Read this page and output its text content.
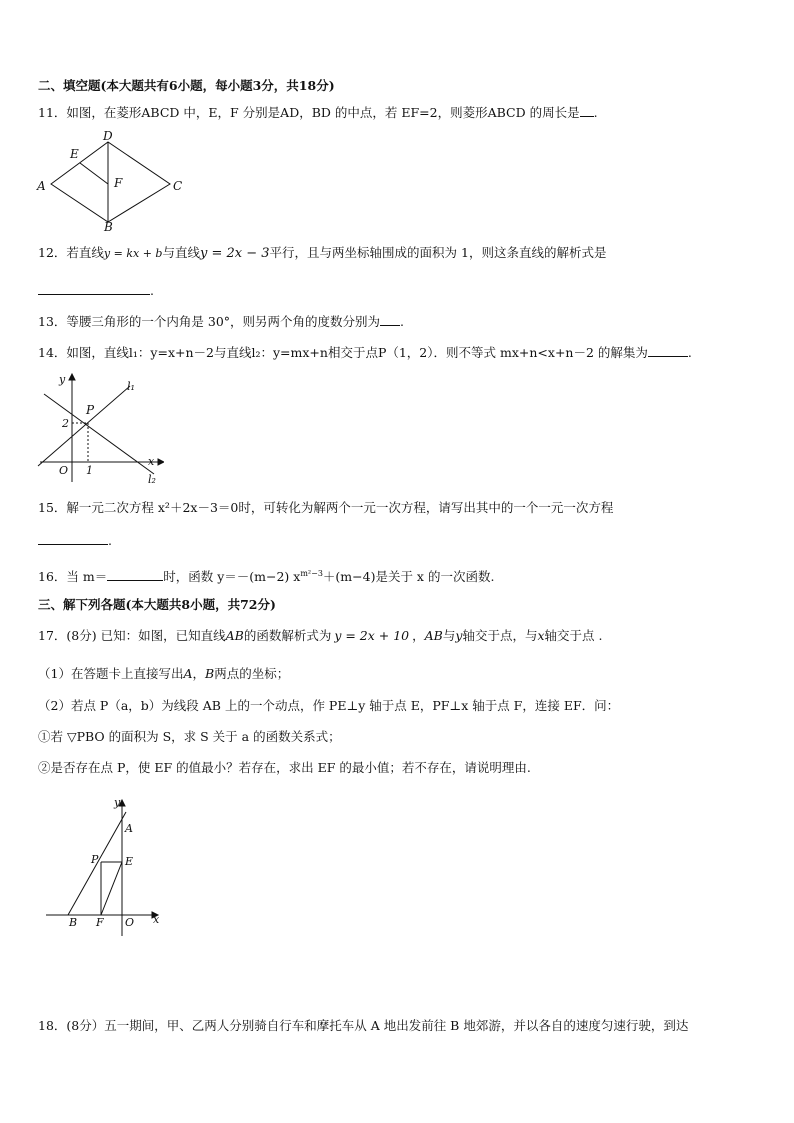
二、填空题(本大题共有6小题，每小题3分，共18分)
11．如图，在菱形ABCD 中，E，F 分别是AD，BD 的中点，若 EF=2，则菱形ABCD 的周长是 .
A
D
E
F	C
B
12．若直线y = kx + b与直线y = 2x − 3平行，且与两坐标轴围成的面积为 1，则这条直线的解析式是
.
13．等腰三角形的一个内角是 30°，则另两个角的度数分别为 .
14．如图，直线l₁：y=x+n－2与直线l₂：y=mx+n相交于点P（1，2）．则不等式 mx+n<x+n－2 的解集为	.
y
l₁
P
2
O 1
x
l₂
15．解一元二次方程 x²＋2x－3＝0时，可转化为解两个一元一次方程，请写出其中的一个一元一次方程
.
16．当 m＝	时，函数 y＝－(m−2) $x^{m^2-3}+(m-4)$是关于 x 的一次函数.
三、解下列各题(本大题共8小题，共72分)
17．(8分) 已知：如图，已知直线AB的函数解析式为 y = 2x + 10 ，AB与y轴交于点，与x轴交于点 .
（1）在答题卡上直接写出A，B两点的坐标；
（2）若点 P（a，b）为线段 AB 上的一个动点，作 PE⊥y 轴于点 E，PF⊥x 轴于点 F，连接 EF．问：
①若 ▽PBO 的面积为 S，求 S 关于 a 的函数关系式；
②是否存在点 P，使 EF 的值最小？若存在，求出 EF 的最小值；若不存在，请说明理由.
y
A
P E
B F O x
18．(8分）五一期间，甲、乙两人分别骑自行车和摩托车从 A 地出发前往 B 地郊游，并以各自的速度匀速行驶，到达
